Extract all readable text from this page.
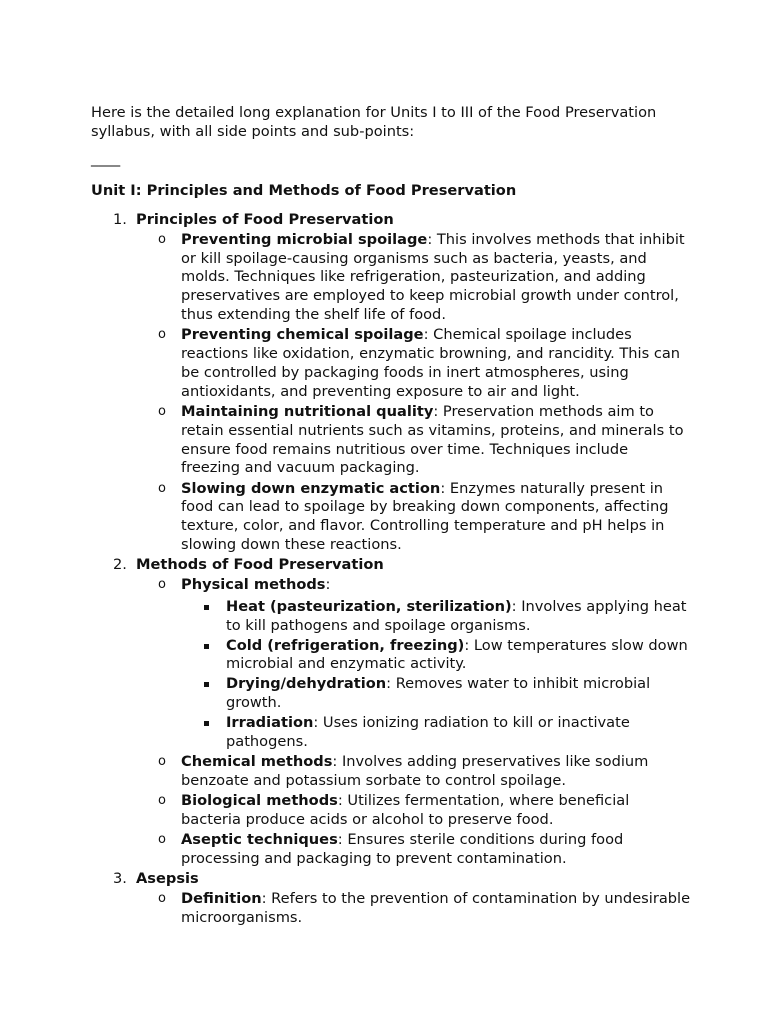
Here is the detailed long explanation for Units I to III of the Food Preservation syllabus, with all side points and sub-points:

____

Unit I: Principles and Methods of Food Preservation
1. Principles of Food Preservation
o Preventing microbial spoilage: This involves methods that inhibit or kill spoilage-causing organisms such as bacteria, yeasts, and molds. Techniques like refrigeration, pasteurization, and adding preservatives are employed to keep microbial growth under control, thus extending the shelf life of food.
o Preventing chemical spoilage: Chemical spoilage includes reactions like oxidation, enzymatic browning, and rancidity. This can be controlled by packaging foods in inert atmospheres, using antioxidants, and preventing exposure to air and light.
o Maintaining nutritional quality: Preservation methods aim to retain essential nutrients such as vitamins, proteins, and minerals to ensure food remains nutritious over time. Techniques include freezing and vacuum packaging.
o Slowing down enzymatic action: Enzymes naturally present in food can lead to spoilage by breaking down components, affecting texture, color, and flavor. Controlling temperature and pH helps in slowing down these reactions.
2. Methods of Food Preservation
o Physical methods:
Heat (pasteurization, sterilization): Involves applying heat to kill pathogens and spoilage organisms.
Cold (refrigeration, freezing): Low temperatures slow down microbial and enzymatic activity.
Drying/dehydration: Removes water to inhibit microbial growth.
Irradiation: Uses ionizing radiation to kill or inactivate pathogens.
o Chemical methods: Involves adding preservatives like sodium benzoate and potassium sorbate to control spoilage.
o Biological methods: Utilizes fermentation, where beneficial bacteria produce acids or alcohol to preserve food.
o Aseptic techniques: Ensures sterile conditions during food processing and packaging to prevent contamination.
3. Asepsis
o Definition: Refers to the prevention of contamination by undesirable microorganisms.
